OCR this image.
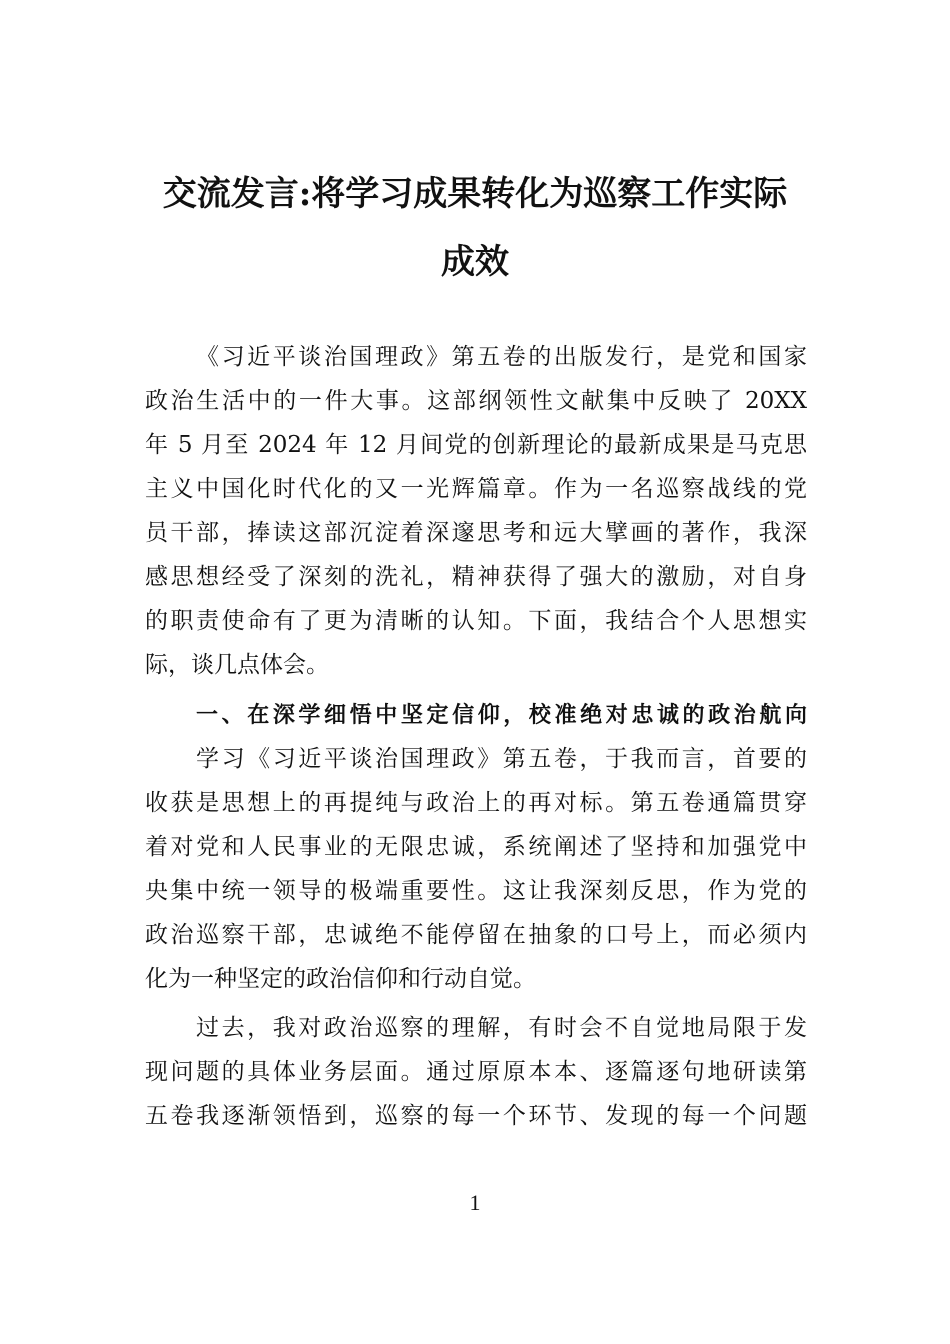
交流发言:将学习成果转化为巡察工作实际
成效

《习近平谈治国理政》第五卷的出版发行，是党和国家

政治生活中的一件大事。这部纲领性文献集中反映了 20XX

年 5 月至 2024 年 12 月间党的创新理论的最新成果是马克思

主义中国化时代化的又一光辉篇章。作为一名巡察战线的党

员干部，捧读这部沉淀着深邃思考和远大擘画的著作，我深

感思想经受了深刻的洗礼，精神获得了强大的激励，对自身

的职责使命有了更为清晰的认知。下面，我结合个人思想实

际，谈几点体会。

一、在深学细悟中坚定信仰，校准绝对忠诚的政治航向

学习《习近平谈治国理政》第五卷，于我而言，首要的

收获是思想上的再提纯与政治上的再对标。第五卷通篇贯穿

着对党和人民事业的无限忠诚，系统阐述了坚持和加强党中

央集中统一领导的极端重要性。这让我深刻反思，作为党的

政治巡察干部，忠诚绝不能停留在抽象的口号上，而必须内

化为一种坚定的政治信仰和行动自觉。

过去，我对政治巡察的理解，有时会不自觉地局限于发

现问题的具体业务层面。通过原原本本、逐篇逐句地研读第

五卷我逐渐领悟到，巡察的每一个环节、发现的每一个问题

1
